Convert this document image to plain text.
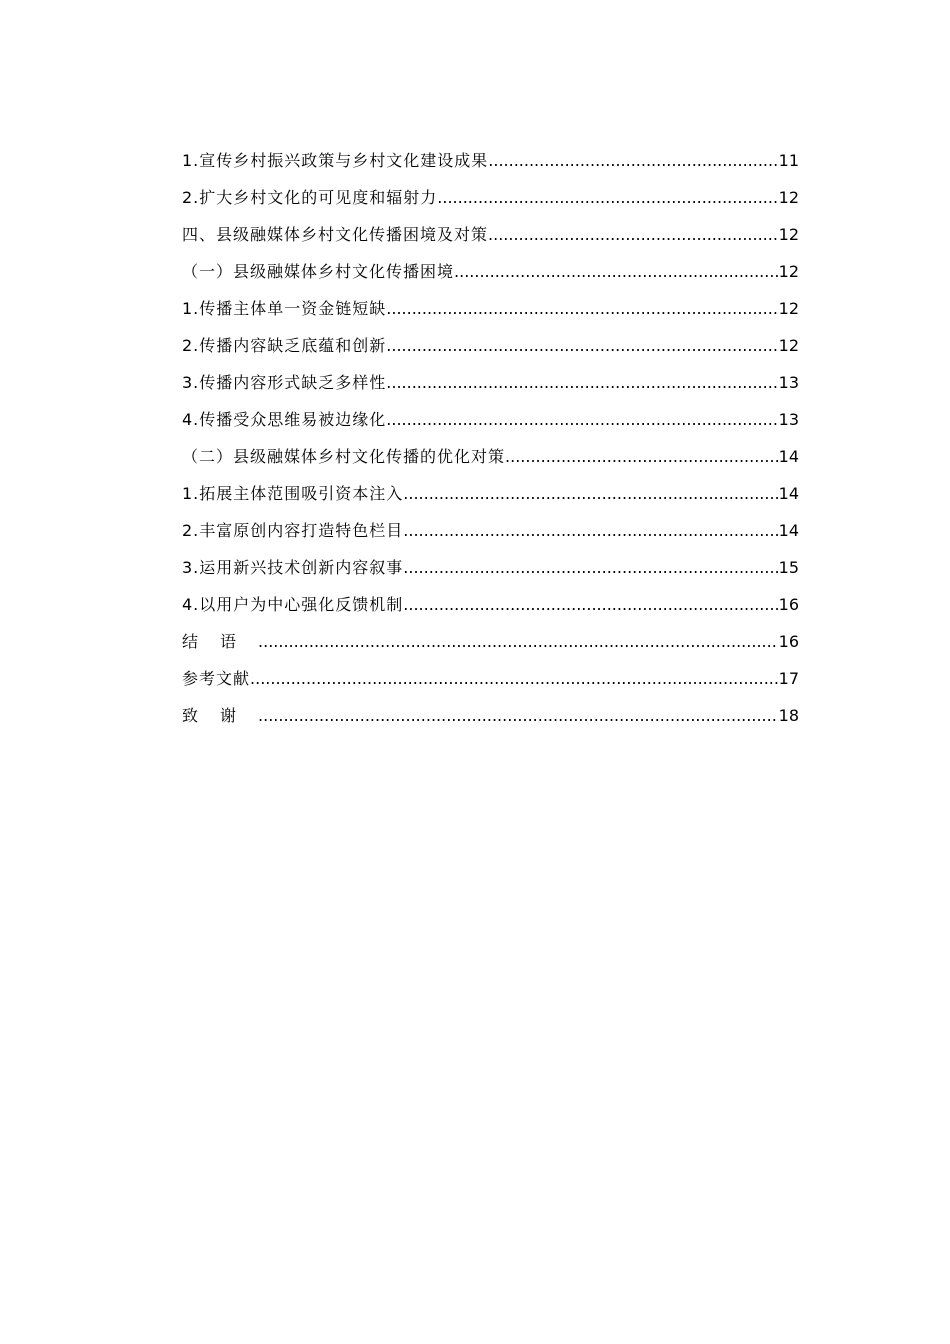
1.宣传乡村振兴政策与乡村文化建设成果 .....	11
2.扩大乡村文化的可见度和辐射力 .....	12
四、县级融媒体乡村文化传播困境及对策 .....	12
（一）县级融媒体乡村文化传播困境 .....	12
1.传播主体单一资金链短缺 .....	12
2.传播内容缺乏底蕴和创新 .....	12
3.传播内容形式缺乏多样性 .....	13
4.传播受众思维易被边缘化 .....	13
（二）县级融媒体乡村文化传播的优化对策 .....	14
1.拓展主体范围吸引资本注入 .....	14
2.丰富原创内容打造特色栏目 .....	14
3.运用新兴技术创新内容叙事 .....	15
4.以用户为中心强化反馈机制 .....	16
结语 .....	16
参考文献 .....	17
致谢 .....	18
